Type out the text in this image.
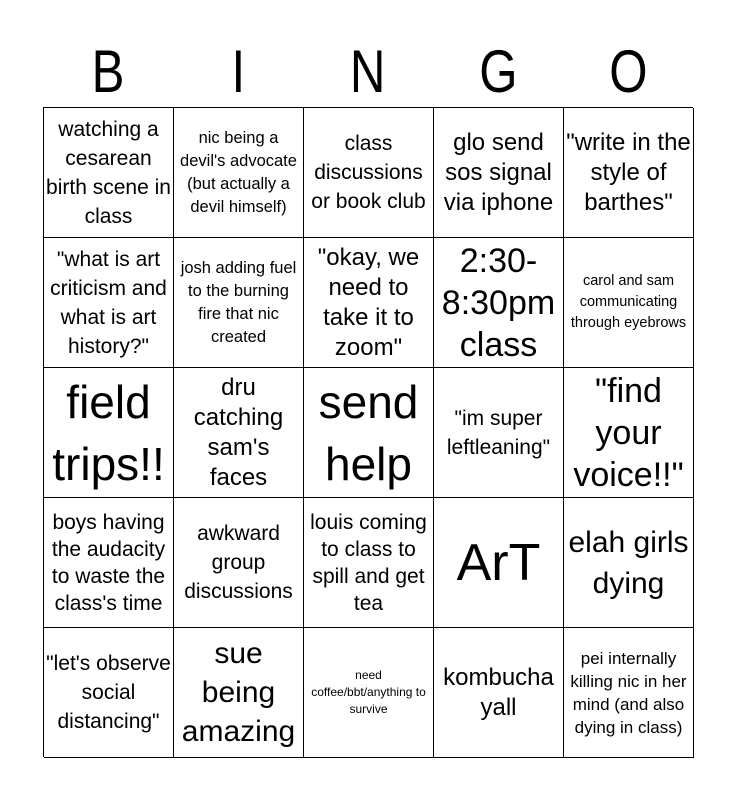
B I N G O
watching a cesarean birth scene in class
nic being a devil's advocate (but actually a devil himself)
class discussions or book club
glo send sos signal via iphone
"write in the style of barthes"
"what is art criticism and what is art history?"
josh adding fuel to the burning fire that nic created
"okay, we need to take it to zoom"
2:30-8:30pm class
carol and sam communicating through eyebrows
field trips!!
dru catching sam's faces
send help
"im super leftleaning"
"find your voice!!"
boys having the audacity to waste the class's time
awkward group discussions
louis coming to class to spill and get tea
ArT elah girls dying
"let's observe social distancing"
sue being amazing
need coffee/bbt/anything to survive
kombucha yall
pei internally killing nic in her mind (and also dying in class)
